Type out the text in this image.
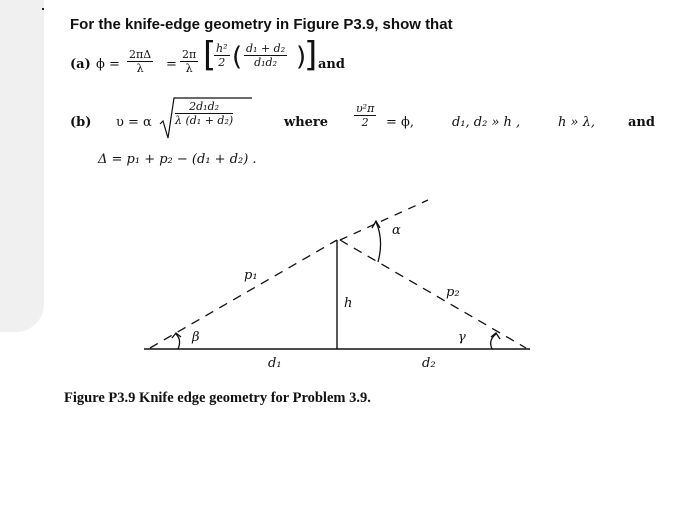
For the knife-edge geometry in Figure P3.9, show that
(a) $\phi = \frac{2\pi\Delta}{\lambda} = \frac{2\pi}{\lambda}$ [
$\frac{\text{h²}}{2}$ ( $\frac{\text{d₁ + d₂}}{\text{d₁d₂}}$ )
] and
(b) υ = α $\frac{\text{2d₁d₂}}{\text{λ (d₁ + d₂)}}$	where $\frac{\text{υ²π}}{2} = \phi$,	d₁, d₂ » h ,	h » λ,	and
Δ = p₁ + p₂ − (d₁ + d₂) .
p₁
p₂
h
α
β	γ
d₁	d₂
Figure P3.9 Knife edge geometry for Problem 3.9.
